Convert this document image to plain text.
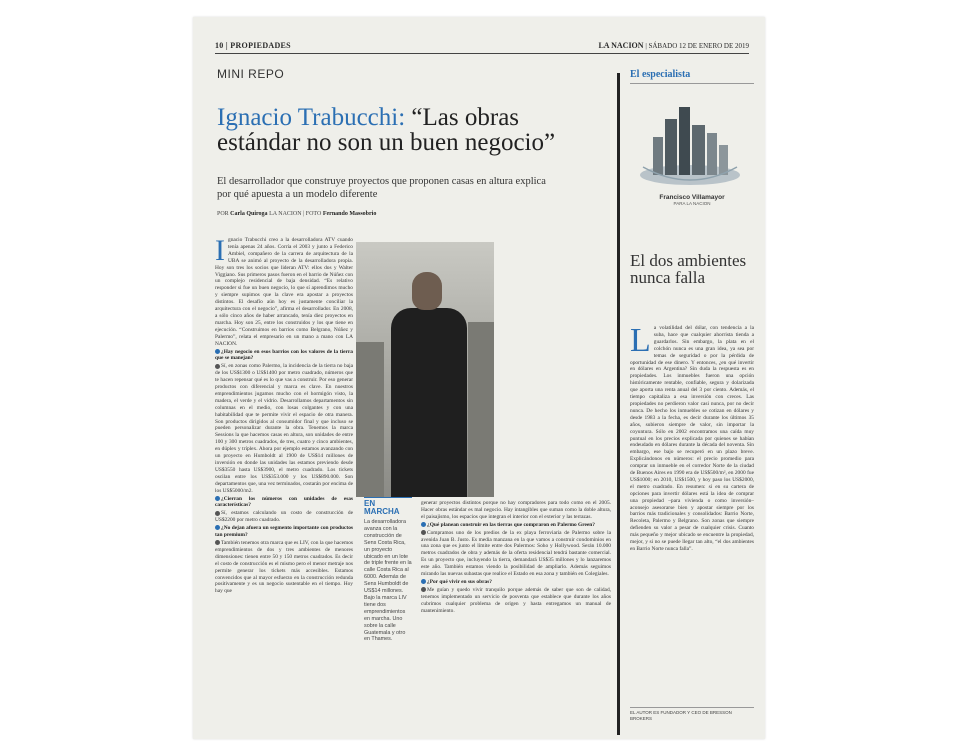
10 | PROPIEDADES	LA NACION | SÁBADO 12 DE ENERO DE 2019
MINI REPO
Ignacio Trabucchi: “Las obras estándar no son un buen negocio”
El desarrollador que construye proyectos que proponen casas en altura explica por qué apuesta a un modelo diferente
POR Carla Quiroga LA NACION | FOTO Fernando Massobrio

Ignacio Trabucchi creo a la desarrolladora ATV cuando tenía apenas 24 años. Corría el 2003 y junto a Federico Ambiel, compañero de la carrera de arquitectura de la UBA se animó al proyecto de la desarrolladora propia. Hoy son tres los socios que lideran ATV: ellos dos y Walter Viggiano. Sus primeros pasos fueron en el barrio de Núñez con un complejo residencial de baja densidad. “Es relativo responder si fue un buen negocio, lo que sí aprendimos mucho y siempre supimos que la clave era apostar a proyectos distintos. El desafío aún hoy es justamente conciliar la arquitectura con el negocio”, afirma el desarrollador. En 2008, a sólo cinco años de haber arrancado, tenía diez proyectos en marcha. Hoy son 25, entre los construidos y los que tiene en ejecución. “Construimos en barrios como Belgrano, Núñez y Palermo”, relata el empresario en un mano a mano con LA NACION.

¿Hay negocio en esos barrios con los valores de la tierra que se manejan?

Sí, en zonas como Palermo, la incidencia de la tierra no baja de los US$1300 o US$1400 por metro cuadrado, números que te hacen repensar qué es lo que vas a construir. Por eso generar productos con diferencial y marca es clave. En nuestros emprendimientos jugamos mucho con el hormigón visto, la madera, el verde y el vidrio. Desarrollamos departamentos sin columnas en el medio, con losas colgantes y con una habitabilidad que te permite vivir el espacio de otra manera. Son productos dirigidos al consumidor final y que incluso se pueden personalizar durante la obra. Tenemos la marca Sessions la que hacemos casas en altura, son unidades de entre 100 y 300 metros cuadrados, de tres, cuatro y cinco ambientes, en dúplex y tríplex. Ahora por ejemplo estamos avanzando con un proyecto en Humboldt al 1900 de US$14 millones de inversión en donde las unidades las estamos previendo desde US$3550 hasta US$3900, el metro cuadrado. Los tickets oscilan entre los US$353.000 y los US$890.000. Son departamentos que, una vez terminados, costarán por encima de los US$5000/m2.

¿Cierran los números con unidades de esas características?

Sí, estamos calculando un costo de construcción de US$2200 por metro cuadrado.

¿No dejan afuera un segmento importante con productos tan premium?

También tenemos otra marca que es LIV, con la que hacemos emprendimientos de dos y tres ambientes de menores dimensiones: tienen entre 50 y 150 metros cuadrados. Es decir el costo de construcción es el mismo pero el menor metraje nos permite generar los tickets más accesibles. Estamos convencidos que al mayor esfuerzo en la construcción redunda positivamente y es un negocio sustentable en el tiempo. Hoy hay que

EN MARCHA
La desarrolladora avanza con la construcción de Sens Costa Rica, un proyecto ubicado en un lote de triple frente en la calle Costa Rica al 6000. Además de Sens Humboldt de US$14 millones. Bajo la marca LIV tiene dos emprendimientos en marcha. Uno sobre la calle Guatemala y otro en Thames.

generar proyectos distintos porque no hay compradores para todo como en el 2005. Hacer obras estándar es mal negocio. Hay intangibles que suman como la doble altura, el paisajismo, los espacios que integran el interior con el exterior y las terrazas.

¿Qué planean construir en las tierras que compraron en Palermo Green?

Compramos uno de los predios de la ex playa ferroviaria de Palermo sobre la avenida Juan B. Justo. Es media manzana en la que vamos a construir condominios en una zona que es junto el límite entre dos Palermos: Soho y Hollywood. Serán 10.000 metros cuadrados de obra y además de la oferta residencial tendrá bastante comercial. Es un proyecto que, incluyendo la tierra, demandará US$35 millones y lo lanzaremos este año. También estamos viendo la posibilidad de ampliarlo. Además seguimos mirando las nuevas subastas que realice el Estado en esa zona y también en Colegiales.

¿Por qué vivir en sus obras?

Me guían y quedo vivir tranquilo porque además de saber que son de calidad, tenemos implementado un servicio de posventa que establece que durante los años cubrimos cualquier problema de origen y hasta entregamos un manual de mantenimiento.

El especialista
Francisco Villamayor
PARA LA NACION
El dos ambientes nunca falla

La volatilidad del dólar, con tendencia a la suba, hace que cualquier ahorrista tienda a guardarlos. Sin embargo, la plata en el colchón nunca es una gran idea, ya sea por temas de seguridad o por la pérdida de oportunidad de ese dinero. Y entonces, ¿en qué invertir en dólares en Argentina? Sin duda la respuesta es en propiedades. Los inmuebles fueron una opción históricamente rentable, confiable, segura y dolarizada que aporta una renta anual del 3 por ciento. Además, el tiempo capitaliza a esa inversión con creces. Las propiedades no perdieron valor casi nunca, por no decir nunca. De hecho los inmuebles se cotizan en dólares y desde 1983 a la fecha, es decir durante los últimos 35 años, subieron siempre de valor, sin importar la coyuntura. Sólo en 2002 encontramos una caída muy puntual en los precios explicada por quienes se habían endeudado en dólares durante la década del noventa. Sin embargo, ese bajo se recuperó en un plazo breve. Explicándonos en números: el precio promedio para comprar un inmueble en el corredor Norte de la ciudad de Buenos Aires en 1990 era de US$500/m², en 2000 fue US$1000; en 2010, US$1500, y hoy paso los US$2000, el metro cuadrado. En resumen: si en su cartera de opciones para invertir dólares está la idea de comprar una propiedad –para vivienda o como inversión– aconsejo asesorarse bien y apostar siempre por los barrios más tradicionales y consolidados: Barrio Norte, Recoleta, Palermo y Belgrano. Son zonas que siempre defienden su valor a pesar de cualquier crisis. Cuanto más pequeño y mejor ubicado se encuentre la propiedad, mejor, y si no se puede llegar tan alto, “el dos ambientes en Barrio Norte nunca falla”.

EL AUTOR ES FUNDADOR Y CEO DE BRESSON BROKERS
